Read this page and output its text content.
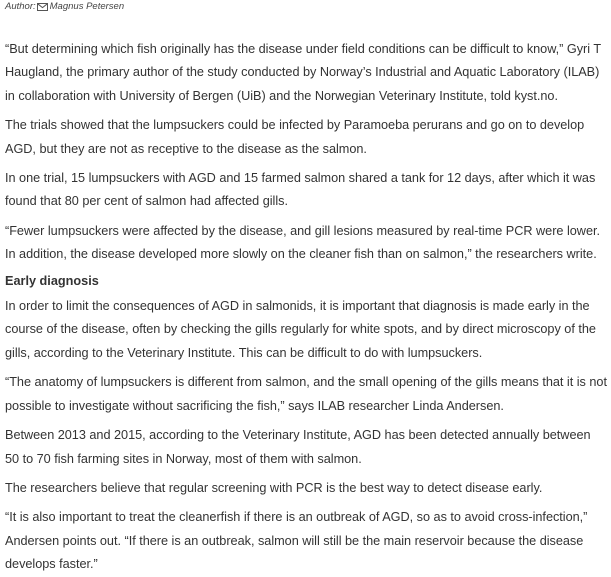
Author: Magnus Petersen

“But determining which fish originally has the disease under field conditions can be difficult to know,” Gyri T Haugland, the primary author of the study conducted by Norway’s Industrial and Aquatic Laboratory (ILAB) in collaboration with University of Bergen (UiB) and the Norwegian Veterinary Institute, told kyst.no.

The trials showed that the lumpsuckers could be infected by Paramoeba perurans and go on to develop AGD, but they are not as receptive to the disease as the salmon.

In one trial, 15 lumpsuckers with AGD and 15 farmed salmon shared a tank for 12 days, after which it was found that 80 per cent of salmon had affected gills.

“Fewer lumpsuckers were affected by the disease, and gill lesions measured by real-time PCR were lower. In addition, the disease developed more slowly on the cleaner fish than on salmon,” the researchers write.

Early diagnosis

In order to limit the consequences of AGD in salmonids, it is important that diagnosis is made early in the course of the disease, often by checking the gills regularly for white spots, and by direct microscopy of the gills, according to the Veterinary Institute. This can be difficult to do with lumpsuckers.

“The anatomy of lumpsuckers is different from salmon, and the small opening of the gills means that it is not possible to investigate without sacrificing the fish,” says ILAB researcher Linda Andersen.

Between 2013 and 2015, according to the Veterinary Institute, AGD has been detected annually between 50 to 70 fish farming sites in Norway, most of them with salmon.

The researchers believe that regular screening with PCR is the best way to detect disease early.

“It is also important to treat the cleanerfish if there is an outbreak of AGD, so as to avoid cross-infection,” Andersen points out. “If there is an outbreak, salmon will still be the main reservoir because the disease develops faster.”
